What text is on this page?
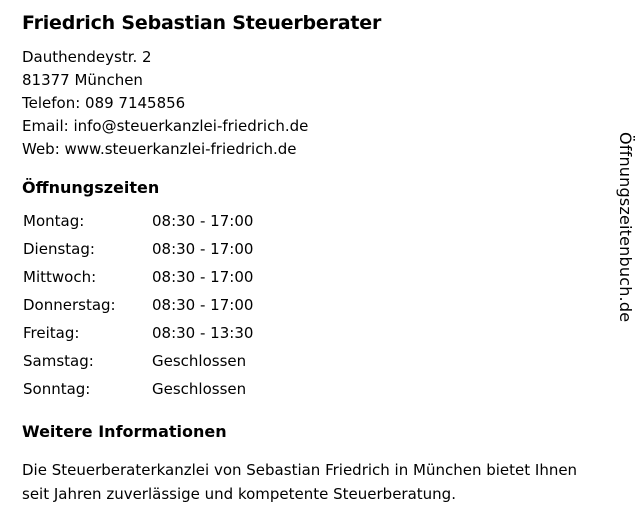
Friedrich Sebastian Steuerberater
Dauthendeystr. 2
81377 München
Telefon: 089 7145856
Email: info@steuerkanzlei-friedrich.de
Web: www.steuerkanzlei-friedrich.de
Öffnungszeiten
Montag:	08:30 - 17:00
Dienstag:	08:30 - 17:00
Mittwoch:	08:30 - 17:00
Donnerstag:	08:30 - 17:00
Freitag:	08:30 - 13:30
Samstag:	Geschlossen
Sonntag:	Geschlossen
Weitere Informationen

Die Steuerberaterkanzlei von Sebastian Friedrich in München bietet Ihnen seit Jahren zuverlässige und kompetente Steuerberatung.

Öffnungszeitenbuch.de
